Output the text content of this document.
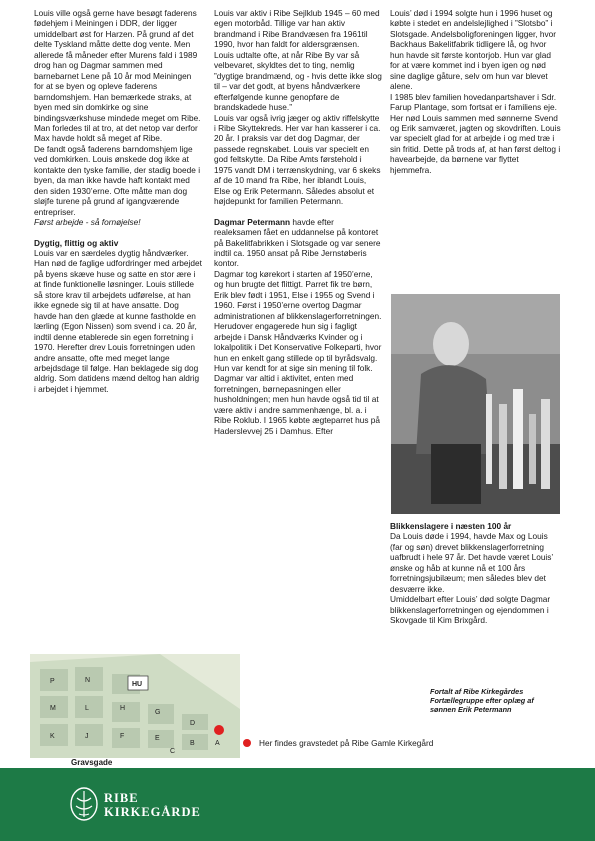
Louis ville også gerne have besøgt faderens fødehjem i Meiningen i DDR, der ligger umiddelbart øst for Harzen. På grund af det delte Tyskland måtte dette dog vente. Men allerede få måneder efter Murens fald i 1989 drog han og Dagmar sammen med barnebarnet Lene på 10 år mod Meiningen for at se byen og opleve faderens barndomshjem. Han bemærkede straks, at byen med sin domkirke og sine bindingsværkshuse mindede meget om Ribe. Man forledes til at tro, at det netop var derfor Max havde holdt så meget af Ribe.

De fandt også faderens barndomshjem lige ved domkirken. Louis ønskede dog ikke at kontakte den tyske familie, der stadig boede i byen, da man ikke havde haft kontakt med den siden 1930’erne. Ofte måtte man dog sløjfe turene på grund af igangværende entrepriser.

Først arbejde - så fornøjelse!

Dygtig, flittig og aktiv

Louis var en særdeles dygtig håndværker. Han nød de faglige udfordringer med arbejdet på byens skæve huse og satte en stor ære i at finde funktionelle løsninger. Louis stillede så store krav til arbejdets udførelse, at han ikke egnede sig til at have ansatte. Dog havde han den glæde at kunne fastholde en lærling (Egon Nissen) som svend i ca. 20 år, indtil denne etablerede sin egen forretning i 1970. Herefter drev Louis forretningen uden andre ansatte, ofte med meget lange arbejdsdage til følge. Han beklagede sig dog aldrig. Som datidens mænd deltog han aldrig i arbejdet i hjemmet.

Louis var aktiv i Ribe Sejlklub 1945 – 60 med egen motorbåd. Tillige var han aktiv brandmand i Ribe Brandvæsen fra 1961til 1990, hvor han faldt for aldersgrænsen.

Louis udtalte ofte, at når Ribe By var så velbevaret, skyldtes det to ting, nemlig ”dygtige brandmænd, og - hvis dette ikke slog til – var det godt, at byens håndværkere efterfølgende kunne genopføre de brandskadede huse.”

Louis var også ivrig jæger og aktiv riffelskytte i Ribe Skyttekreds. Her var han kasserer i ca. 20 år. I praksis var det dog Dagmar, der passede regnskabet. Louis var specielt en god feltskytte. Da Ribe Amts førstehold i 1975 vandt DM i terrænskydning, var 6 skeks af de 10 mand fra Ribe, her iblandt Louis, Else og Erik Petermann. Således absolut et højdepunkt for familien Petermann.

Dagmar Petermann havde efter realeksamen fået en uddannelse på kontoret på Bakelitfabrikken i Slotsgade og var senere indtil ca. 1950 ansat på Ribe Jernstøberis kontor.

Dagmar tog kørekort i starten af 1950’erne, og hun brugte det flittigt. Parret fik tre børn, Erik blev født i 1951, Else i 1955 og Svend i 1960. Først i 1950’erne overtog Dagmar administrationen af blikkenslagerforretningen. Herudover engagerede hun sig i fagligt arbejde i Dansk Håndværks Kvinder og i lokalpolitik i Det Konservative Folkeparti, hvor hun en enkelt gang stillede op til byrådsvalg. Hun var kendt for at sige sin mening til folk.

Dagmar var altid i aktivitet, enten med forretningen, børnepasningen eller husholdningen; men hun havde også tid til at være aktiv i andre sammenhænge, bl. a. i Ribe Roklub. I 1965 købte ægteparret hus på Haderslevvej 25 i Damhus. Efter

Louis’ død i 1994 solgte hun i 1996 huset og købte i stedet en andelslejlighed i ”Slotsbo” i Slotsgade. Andelsboligforeningen ligger, hvor Backhaus Bakelitfabrik tidligere lå, og hvor hun havde sit første kontorjob. Hun var glad for at være kommet ind i byen igen og nød sine daglige gåture, selv om hun var blevet alene.

I 1985 blev familien hovedanpartshaver i Sdr. Farup Plantage, som fortsat er i familiens eje. Her nød Louis sammen med sønnerne Svend og Erik samværet, jagten og skovdriften. Louis var specielt glad for at arbejde i og med træ i sin fritid. Dette på trods af, at han først deltog i havearbejde, da børnene var flyttet hjemmefra.

Blikkenslagere i næsten 100 år

Da Louis døde i 1994, havde Max og Louis (far og søn) drevet blikkenslagerforretning uafbrudt i hele 97 år. Det havde været Louis’ ønske og håb at kunne nå et 100 års forretningsjubilæum; men således blev det desværre ikke.

Umiddelbart efter Louis’ død solgte Dagmar blikkenslagerforretningen og ejendommen i Skovgade til Kim Brixgård.

Fortalt af Ribe Kirkegårdes
Fortællegruppe efter oplæg af
sønnen Erik Petermann
P	N
M	L
K	J
H
G
F	E
D
C
B	A
HU
Gravsgade
Her findes gravstedet på Ribe Gamle Kirkegård
RIBE
KIRKEGÅRDE
